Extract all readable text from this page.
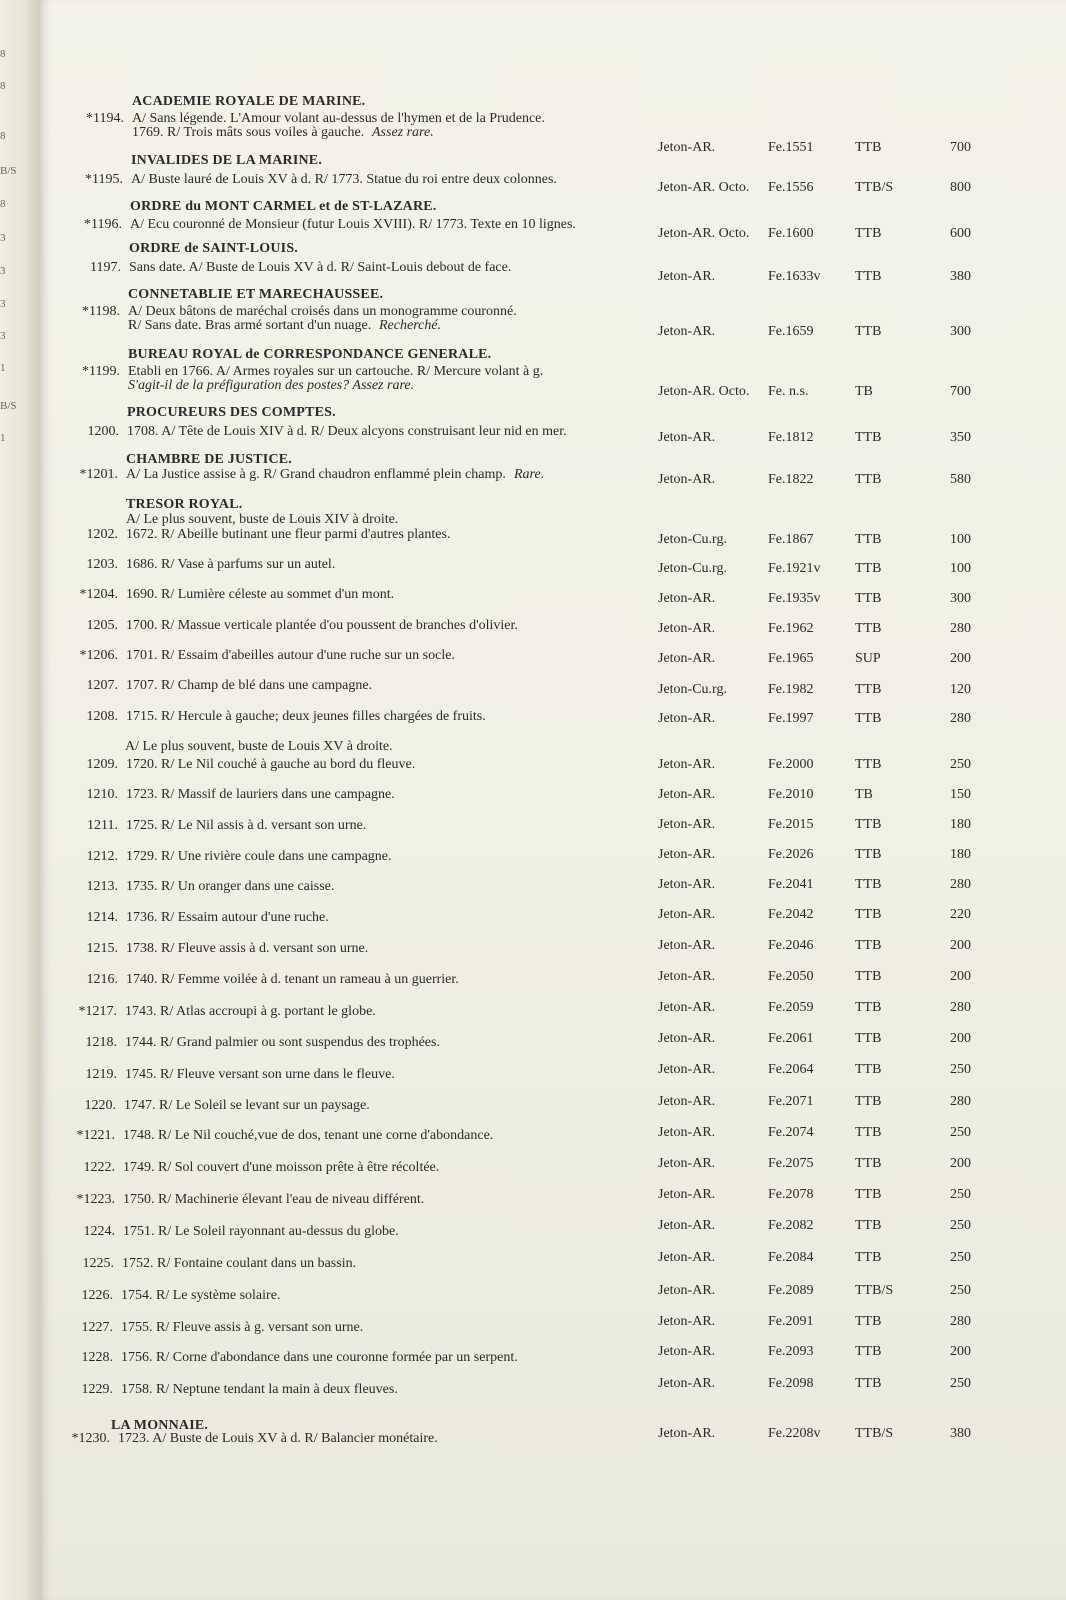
8
8
8
B/S
8
3
3
3
3
1
B/S
1
ACADEMIE ROYALE DE MARINE.
INVALIDES DE LA MARINE.
ORDRE du MONT CARMEL et de ST-LAZARE.
ORDRE de SAINT-LOUIS.
CONNETABLIE ET MARECHAUSSEE.
BUREAU ROYAL de CORRESPONDANCE GENERALE.
PROCUREURS DES COMPTES.
CHAMBRE DE JUSTICE.
TRESOR ROYAL.
LA MONNAIE.
A/ Le plus souvent, buste de Louis XIV à droite.
A/ Le plus souvent, buste de Louis XV à droite.
*1194. A/ Sans légende. L'Amour volant au-dessus de l'hymen et de la Prudence.
1769. R/ Trois mâts sous voiles à gauche. Assez rare.
Jeton-AR.	Fe.1551	TTB	700
*1195. A/ Buste lauré de Louis XV à d. R/ 1773. Statue du roi entre deux colonnes.
Jeton-AR. Octo. Fe.1556	TTB/S	800
*1196. A/ Ecu couronné de Monsieur (futur Louis XVIII). R/ 1773. Texte en 10 lignes.
Jeton-AR. Octo. Fe.1600	TTB	600
1197. Sans date. A/ Buste de Louis XV à d. R/ Saint-Louis debout de face.
Jeton-AR.	Fe.1633v TTB	380
*1198. A/ Deux bâtons de maréchal croisés dans un monogramme couronné.
R/ Sans date. Bras armé sortant d'un nuage. Recherché.	Jeton-AR.	Fe.1659	TTB	300
*1199. Etabli en 1766. A/ Armes royales sur un cartouche. R/ Mercure volant à g.
S'agit-il de la préfiguration des postes? Assez rare.	Jeton-AR. Octo. Fe. n.s.	TB	700
1200. 1708. A/ Tête de Louis XIV à d. R/ Deux alcyons construisant leur nid en mer.	Jeton-AR.	Fe.1812	TTB	350
*1201. A/ La Justice assise à g. R/ Grand chaudron enflammé plein champ. Rare.	Jeton-AR.	Fe.1822	TTB	580
1202. 1672. R/ Abeille butinant une fleur parmi d'autres plantes.	Jeton-Cu.rg.	Fe.1867	TTB	100
1203. 1686. R/ Vase à parfums sur un autel.	Jeton-Cu.rg.	Fe.1921v TTB	100
*1204. 1690. R/ Lumière céleste au sommet d'un mont.	Jeton-AR.	Fe.1935v TTB	300
1205. 1700. R/ Massue verticale plantée d'ou poussent de branches d'olivier.	Jeton-AR.	Fe.1962	TTB	280
*1206. 1701. R/ Essaim d'abeilles autour d'une ruche sur un socle.	Jeton-AR.	Fe.1965	SUP	200
1207. 1707. R/ Champ de blé dans une campagne.	Jeton-Cu.rg.	Fe.1982	TTB	120
1208. 1715. R/ Hercule à gauche; deux jeunes filles chargées de fruits.	Jeton-AR.	Fe.1997	TTB	280
1209. 1720. R/ Le Nil couché à gauche au bord du fleuve.	Jeton-AR.	Fe.2000	TTB	250
1210. 1723. R/ Massif de lauriers dans une campagne.	Jeton-AR.	Fe.2010	TB	150
1211. 1725. R/ Le Nil assis à d. versant son urne.	Jeton-AR.	Fe.2015	TTB	180
1212. 1729. R/ Une rivière coule dans une campagne.	Jeton-AR.	Fe.2026	TTB	180
1213. 1735. R/ Un oranger dans une caisse.	Jeton-AR.	Fe.2041	TTB	280
1214. 1736. R/ Essaim autour d'une ruche.	Jeton-AR.	Fe.2042	TTB	220
1215. 1738. R/ Fleuve assis à d. versant son urne.	Jeton-AR.	Fe.2046	TTB	200
1216. 1740. R/ Femme voilée à d. tenant un rameau à un guerrier.	Jeton-AR.	Fe.2050	TTB	200
*1217. 1743. R/ Atlas accroupi à g. portant le globe.	Jeton-AR.	Fe.2059	TTB	280
1218. 1744. R/ Grand palmier ou sont suspendus des trophées.	Jeton-AR.	Fe.2061	TTB	200
1219. 1745. R/ Fleuve versant son urne dans le fleuve.	Jeton-AR.	Fe.2064	TTB	250
1220. 1747. R/ Le Soleil se levant sur un paysage.	Jeton-AR.	Fe.2071	TTB	280
*1221. 1748. R/ Le Nil couché,vue de dos, tenant une corne d'abondance.	Jeton-AR.	Fe.2074	TTB	250
1222. 1749. R/ Sol couvert d'une moisson prête à être récoltée.	Jeton-AR.	Fe.2075	TTB	200
*1223. 1750. R/ Machinerie élevant l'eau de niveau différent.	Jeton-AR.	Fe.2078	TTB	250
1224. 1751. R/ Le Soleil rayonnant au-dessus du globe.	Jeton-AR.	Fe.2082	TTB	250
1225. 1752. R/ Fontaine coulant dans un bassin.	Jeton-AR.	Fe.2084	TTB	250
1226. 1754. R/ Le système solaire.	Jeton-AR.	Fe.2089	TTB/S	250
1227. 1755. R/ Fleuve assis à g. versant son urne.	Jeton-AR.	Fe.2091	TTB	280
1228. 1756. R/ Corne d'abondance dans une couronne formée par un serpent.	Jeton-AR.	Fe.2093	TTB	200
1229. 1758. R/ Neptune tendant la main à deux fleuves.	Jeton-AR.	Fe.2098	TTB	250
*1230. 1723. A/ Buste de Louis XV à d. R/ Balancier monétaire.	Jeton-AR.	Fe.2208v TTB/S	380
